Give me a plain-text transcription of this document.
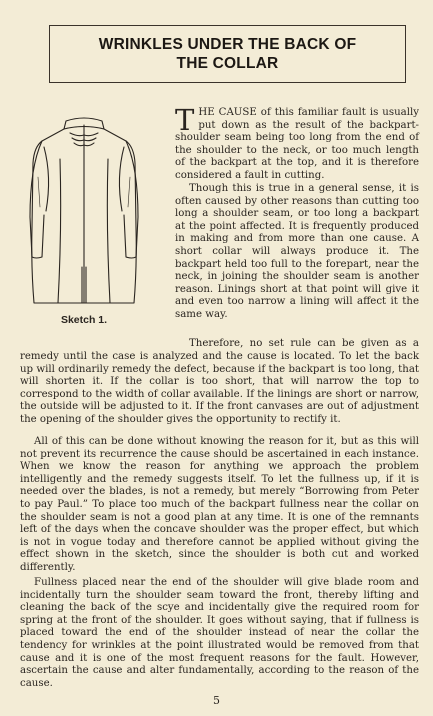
WRINKLES UNDER THE BACK OF
THE COLLAR
Sketch 1.

THE CAUSE of this familiar fault is usually put down as the result of the backpart-shoulder seam being too long from the end of the shoulder to the neck, or too much length of the backpart at the top, and it is therefore considered a fault in cutting.

Though this is true in a general sense, it is often caused by other reasons than cutting too long a shoulder seam, or too long a backpart at the point affected. It is frequently produced in making and from more than one cause. A short collar will always produce it. The backpart held too full to the forepart, near the neck, in joining the shoulder seam is another reason. Linings short at that point will give it and even too narrow a lining will affect it the same way.

Therefore, no set rule can be given as a

remedy until the case is analyzed and the cause is located. To let the back up will ordinarily remedy the defect, because if the backpart is too long, that will shorten it. If the collar is too short, that will narrow the top to correspond to the width of collar available. If the linings are short or narrow, the outside will be adjusted to it. If the front canvases are out of adjustment the opening of the shoulder gives the opportunity to rectify it.

All of this can be done without knowing the reason for it, but as this will not prevent its recurrence the cause should be ascertained in each instance. When we know the reason for anything we approach the problem intelligently and the remedy suggests itself. To let the fullness up, if it is needed over the blades, is not a remedy, but merely “Borrowing from Peter to pay Paul.” To place too much of the backpart fullness near the collar on the shoulder seam is not a good plan at any time. It is one of the remnants left of the days when the concave shoulder was the proper effect, but which is not in vogue today and therefore cannot be applied without giving the effect shown in the sketch, since the shoulder is both cut and worked differently.

Fullness placed near the end of the shoulder will give blade room and incidentally turn the shoulder seam toward the front, thereby lifting and cleaning the back of the scye and incidentally give the required room for spring at the front of the shoulder. It goes without saying, that if fullness is placed toward the end of the shoulder instead of near the collar the tendency for wrinkles at the point illustrated would be removed from that cause and it is one of the most frequent reasons for the fault. However, ascertain the cause and alter fundamentally, according to the reason of the cause.

5
